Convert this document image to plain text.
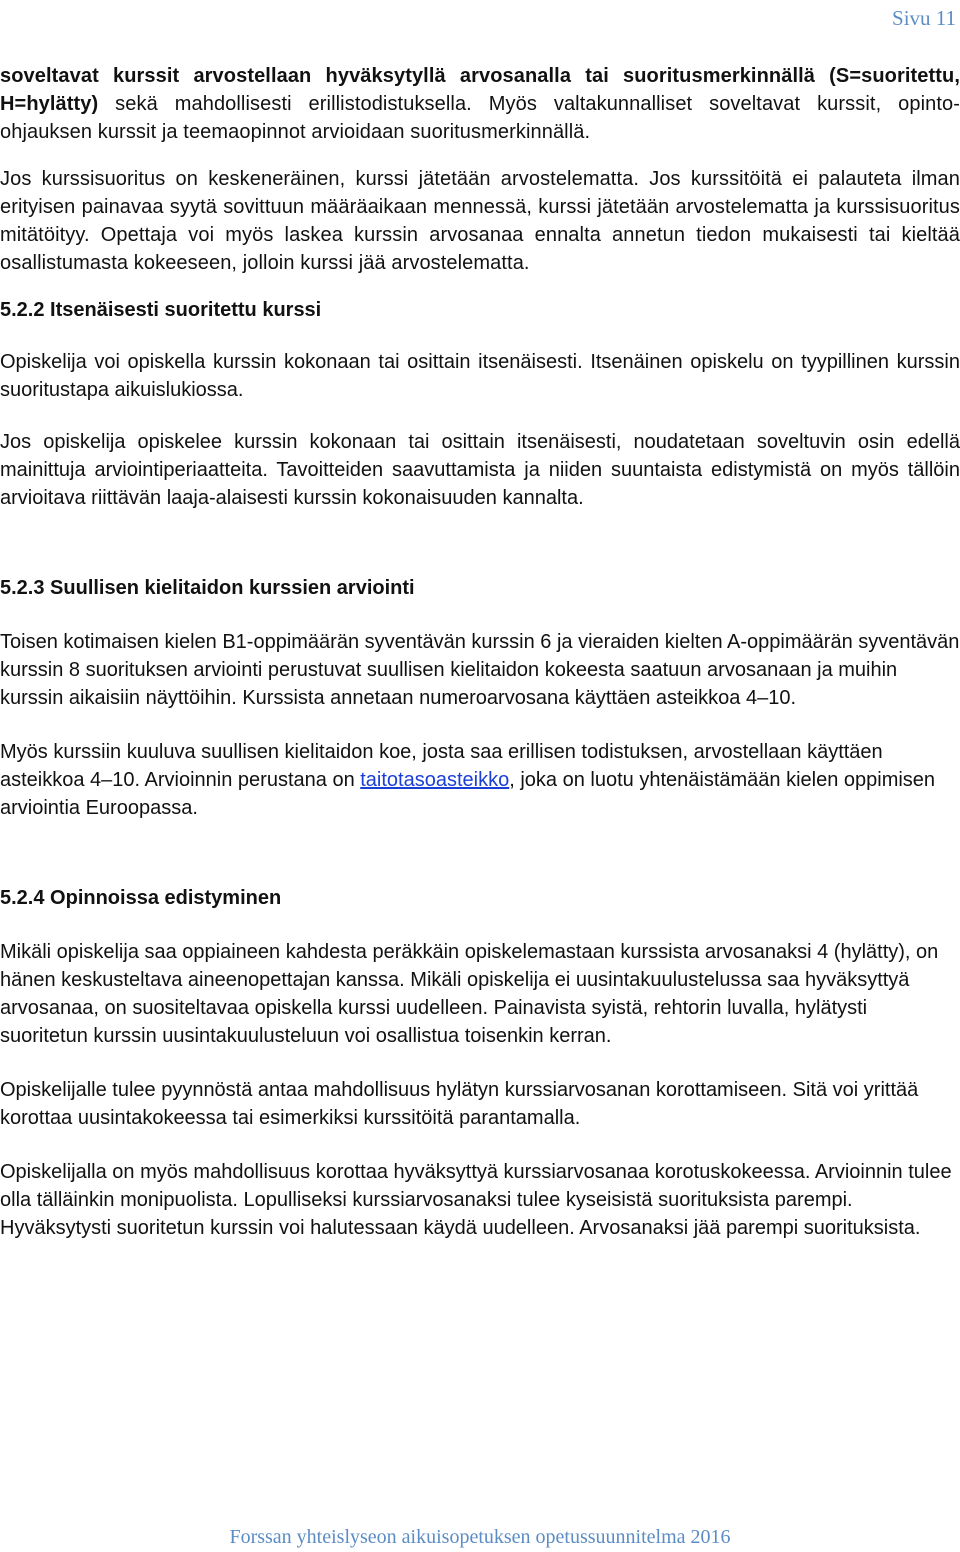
Sivu 11

soveltavat kurssit arvostellaan hyväksytyllä arvosanalla tai suoritusmerkinnällä (S=suoritettu, H=hylätty) sekä mahdollisesti erillistodistuksella. Myös valtakunnalliset soveltavat kurssit, opinto-ohjauksen kurssit ja teemaopinnot arvioidaan suoritusmerkinnällä.

Jos kurssisuoritus on keskeneräinen, kurssi jätetään arvostelematta. Jos kurssitöitä ei palauteta ilman erityisen painavaa syytä sovittuun määräaikaan mennessä, kurssi jätetään arvostelematta ja kurssisuoritus mitätöityy. Opettaja voi myös laskea kurssin arvosanaa ennalta annetun tiedon mukaisesti tai kieltää osallistumasta kokeeseen, jolloin kurssi jää arvostelematta.

5.2.2 Itsenäisesti suoritettu kurssi

Opiskelija voi opiskella kurssin kokonaan tai osittain itsenäisesti. Itsenäinen opiskelu on tyypillinen kurssin suoritustapa aikuislukiossa.

Jos opiskelija opiskelee kurssin kokonaan tai osittain itsenäisesti, noudatetaan soveltuvin osin edellä mainittuja arviointiperiaatteita. Tavoitteiden saavuttamista ja niiden suuntaista edistymistä on myös tällöin arvioitava riittävän laaja-alaisesti kurssin kokonaisuuden kannalta.

5.2.3 Suullisen kielitaidon kurssien arviointi

Toisen kotimaisen kielen B1-oppimäärän syventävän kurssin 6 ja vieraiden kielten A-oppimäärän syventävän kurssin 8 suorituksen arviointi perustuvat suullisen kielitaidon kokeesta saatuun arvosanaan ja muihin kurssin aikaisiin näyttöihin. Kurssista annetaan numeroarvosana käyttäen asteikkoa 4–10.

Myös kurssiin kuuluva suullisen kielitaidon koe, josta saa erillisen todistuksen, arvostellaan käyttäen asteikkoa 4–10. Arvioinnin perustana on taitotasoasteikko, joka on luotu yhtenäistämään kielen oppimisen arviointia Euroopassa.

5.2.4 Opinnoissa edistyminen

Mikäli opiskelija saa oppiaineen kahdesta peräkkäin opiskelemastaan kurssista arvosanaksi 4 (hylätty), on hänen keskusteltava aineenopettajan kanssa. Mikäli opiskelija ei uusintakuulustelussa saa hyväksyttyä arvosanaa, on suositeltavaa opiskella kurssi uudelleen. Painavista syistä, rehtorin luvalla, hylätysti suoritetun kurssin uusintakuulusteluun voi osallistua toisenkin kerran.

Opiskelijalle tulee pyynnöstä antaa mahdollisuus hylätyn kurssiarvosanan korottamiseen. Sitä voi yrittää korottaa uusintakokeessa tai esimerkiksi kurssitöitä parantamalla.

Opiskelijalla on myös mahdollisuus korottaa hyväksyttyä kurssiarvosanaa korotuskokeessa. Arvioinnin tulee olla tälläinkin monipuolista. Lopulliseksi kurssiarvosanaksi tulee kyseisistä suorituksista parempi. Hyväksytysti suoritetun kurssin voi halutessaan käydä uudelleen. Arvosanaksi jää parempi suorituksista.

Forssan yhteislyseon aikuisopetuksen opetussuunnitelma 2016
